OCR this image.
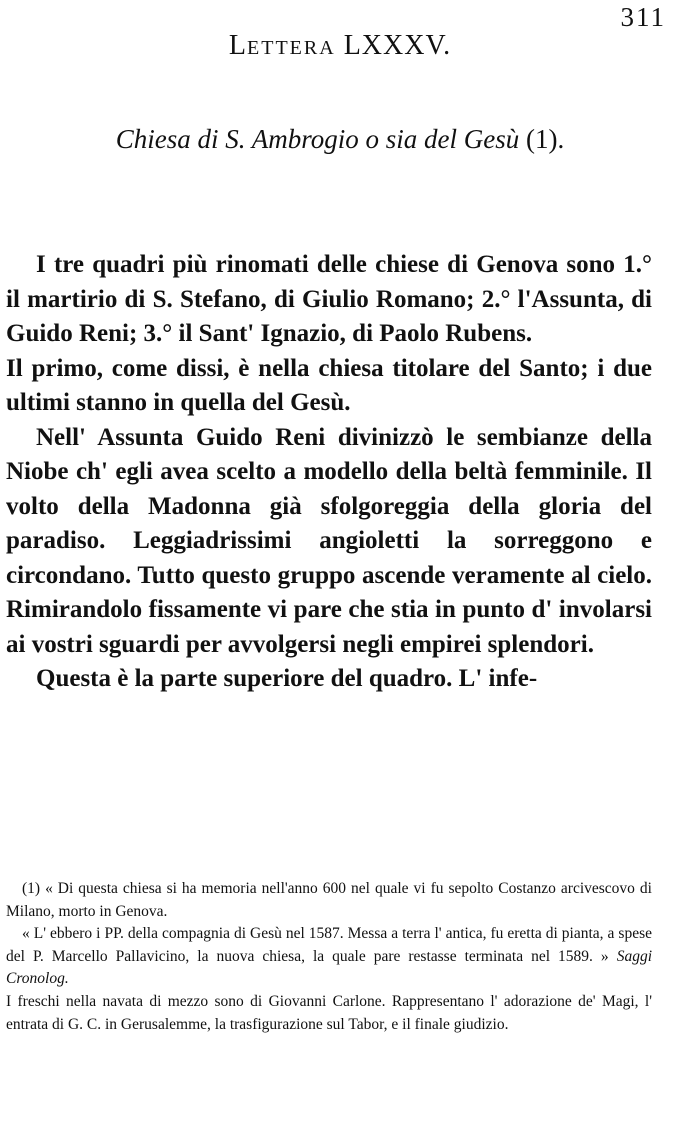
311
LETTERA LXXXV.
Chiesa di S. Ambrogio o sia del Gesù (1).

I tre quadri più rinomati delle chiese di Genova sono 1.° il martirio di S. Stefano, di Giulio Romano; 2.° l'Assunta, di Guido Reni; 3.° il Sant' Ignazio, di Paolo Rubens.

Il primo, come dissi, è nella chiesa titolare del Santo; i due ultimi stanno in quella del Gesù.

Nell' Assunta Guido Reni divinizzò le sembianze della Niobe ch' egli avea scelto a modello della beltà femminile. Il volto della Madonna già sfolgoreggia della gloria del paradiso. Leggiadrissimi angioletti la sorreggono e circondano. Tutto questo gruppo ascende veramente al cielo. Rimirandolo fissamente vi pare che stia in punto d' involarsi ai vostri sguardi per avvolgersi negli empirei splendori.

Questa è la parte superiore del quadro. L' infe-

(1) « Di questa chiesa si ha memoria nell'anno 600 nel quale vi fu sepolto Costanzo arcivescovo di Milano, morto in Genova.

« L' ebbero i PP. della compagnia di Gesù nel 1587. Messa a terra l' antica, fu eretta di pianta, a spese del P. Marcello Pallavicino, la nuova chiesa, la quale pare restasse terminata nel 1589. » Saggi Cronolog.

I freschi nella navata di mezzo sono di Giovanni Carlone. Rappresentano l' adorazione de' Magi, l' entrata di G. C. in Gerusalemme, la trasfigurazione sul Tabor, e il finale giudizio.
